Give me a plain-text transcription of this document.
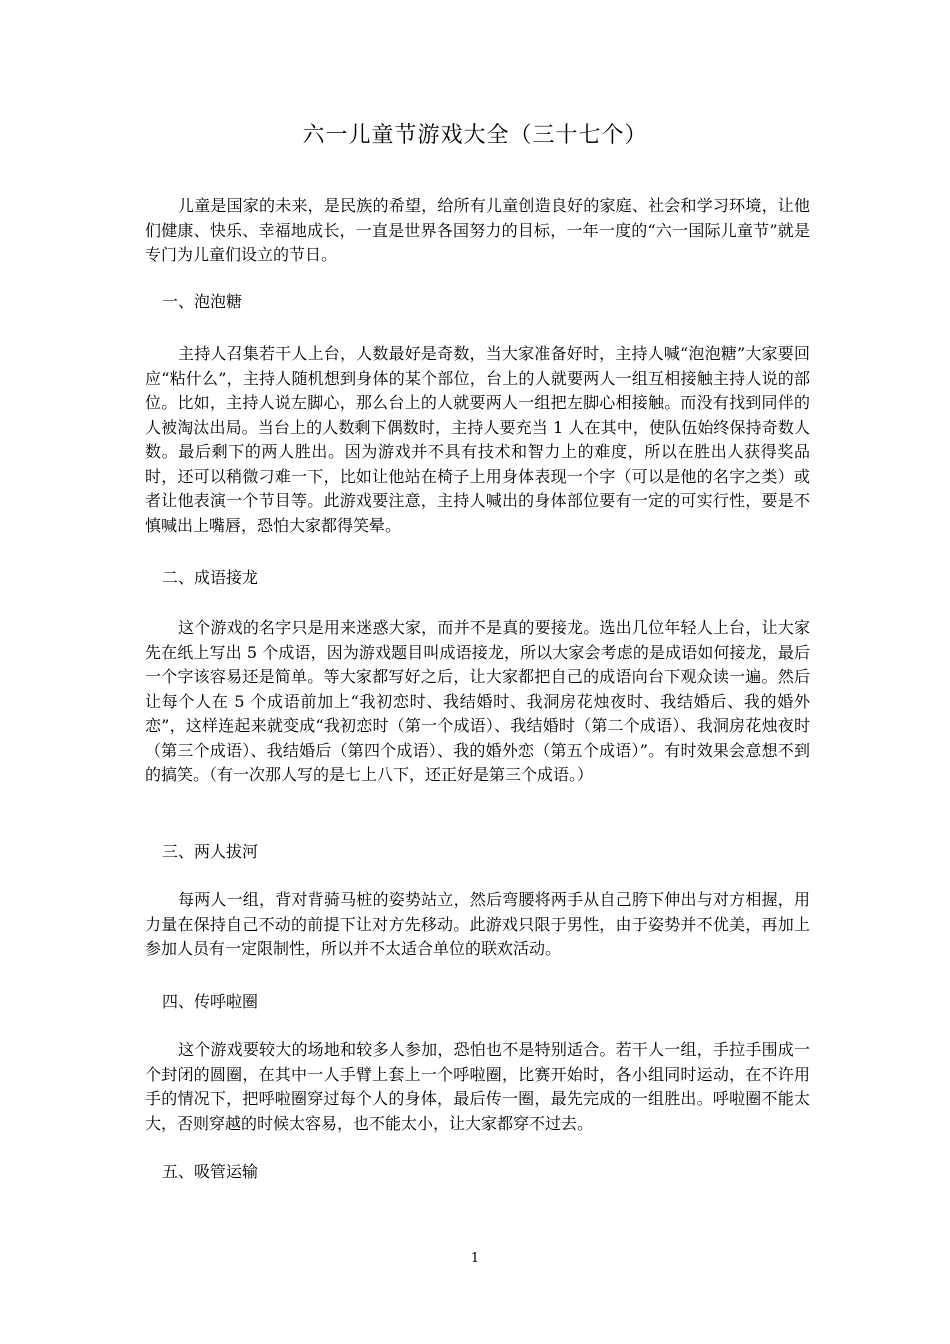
六一儿童节游戏大全（三十七个）

儿童是国家的未来，是民族的希望，给所有儿童创造良好的家庭、社会和学习环境，让他们健康、快乐、幸福地成长，一直是世界各国努力的目标，一年一度的“六一国际儿童节”就是专门为儿童们设立的节日。

一、泡泡糖

主持人召集若干人上台，人数最好是奇数，当大家准备好时，主持人喊“泡泡糖”大家要回应“粘什么”，主持人随机想到身体的某个部位，台上的人就要两人一组互相接触主持人说的部位。比如，主持人说左脚心，那么台上的人就要两人一组把左脚心相接触。而没有找到同伴的人被淘汰出局。当台上的人数剩下偶数时，主持人要充当 1 人在其中，使队伍始终保持奇数人数。最后剩下的两人胜出。因为游戏并不具有技术和智力上的难度，所以在胜出人获得奖品时，还可以稍微刁难一下，比如让他站在椅子上用身体表现一个字（可以是他的名字之类）或者让他表演一个节目等。此游戏要注意，主持人喊出的身体部位要有一定的可实行性，要是不慎喊出上嘴唇，恐怕大家都得笑晕。

二、成语接龙

这个游戏的名字只是用来迷惑大家，而并不是真的要接龙。选出几位年轻人上台，让大家先在纸上写出 5 个成语，因为游戏题目叫成语接龙，所以大家会考虑的是成语如何接龙，最后一个字该容易还是简单。等大家都写好之后，让大家都把自己的成语向台下观众读一遍。然后让每个人在 5 个成语前加上“我初恋时、我结婚时、我洞房花烛夜时、我结婚后、我的婚外恋”，这样连起来就变成“我初恋时（第一个成语）、我结婚时（第二个成语）、我洞房花烛夜时（第三个成语）、我结婚后（第四个成语）、我的婚外恋（第五个成语）”。有时效果会意想不到的搞笑。（有一次那人写的是七上八下，还正好是第三个成语。）

三、两人拔河

每两人一组，背对背骑马桩的姿势站立，然后弯腰将两手从自己胯下伸出与对方相握，用力量在保持自己不动的前提下让对方先移动。此游戏只限于男性，由于姿势并不优美，再加上参加人员有一定限制性，所以并不太适合单位的联欢活动。

四、传呼啦圈

这个游戏要较大的场地和较多人参加，恐怕也不是特别适合。若干人一组，手拉手围成一个封闭的圆圈，在其中一人手臂上套上一个呼啦圈，比赛开始时，各小组同时运动，在不许用手的情况下，把呼啦圈穿过每个人的身体，最后传一圈，最先完成的一组胜出。呼啦圈不能太大，否则穿越的时候太容易，也不能太小，让大家都穿不过去。

五、吸管运输

1
